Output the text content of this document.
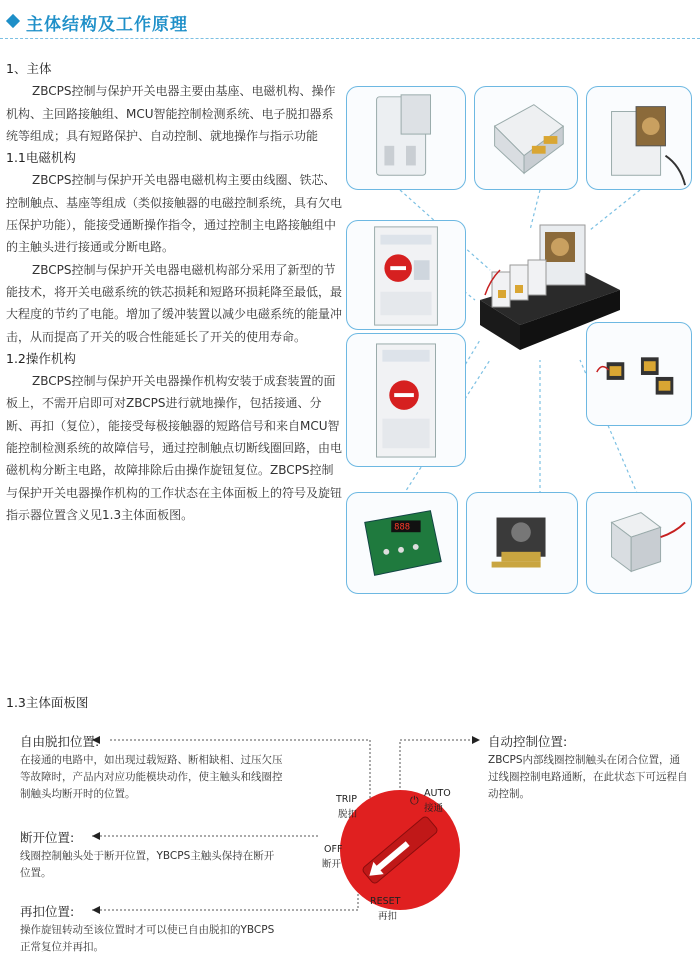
主体结构及工作原理

1、主体

ZBCPS控制与保护开关电器主要由基座、电磁机构、操作机构、主回路接触组、MCU智能控制检测系统、电子脱扣器系统等组成；具有短路保护、自动控制、就地操作与指示功能

1.1电磁机构

ZBCPS控制与保护开关电器电磁机构主要由线圈、铁芯、控制触点、基座等组成（类似接触器的电磁控制系统，具有欠电压保护功能），能接受通断操作指令，通过控制主电路接触组中的主触头进行接通或分断电路。

ZBCPS控制与保护开关电器电磁机构部分采用了新型的节能技术，将开关电磁系统的铁芯损耗和短路环损耗降至最低，最大程度的节约了电能。增加了缓冲装置以减少电磁系统的能量冲击，从而提高了开关的吸合性能延长了开关的使用寿命。

1.2操作机构

ZBCPS控制与保护开关电器操作机构安装于成套装置的面板上，不需开启即可对ZBCPS进行就地操作，包括接通、分断、再扣（复位），能接受每极接触器的短路信号和来自MCU智能控制检测系统的故障信号，通过控制触点切断线圈回路，由电磁机构分断主电路，故障排除后由操作旋钮复位。ZBCPS控制与保护开关电器操作机构的工作状态在主体面板上的符号及旋钮指示器位置含义见1.3主体面板图。

888
1.3主体面板图
自由脱扣位置:
在接通的电路中，如出现过载短路、断相缺相、过压欠压等故障时，产品内对应功能模块动作，使主触头和线圈控制触头均断开时的位置。
断开位置:
线圈控制触头处于断开位置，YBCPS主触头保持在断开位置。
再扣位置:
操作旋钮转动至该位置时才可以使已自由脱扣的YBCPS正常复位并再扣。
自动控制位置:
ZBCPS内部线圈控制触头在闭合位置，通过线圈控制电路通断，在此状态下可远程自动控制。
TRIP
脱扣
OFF
断开
AUTO
⏻
接通
RESET
再扣
